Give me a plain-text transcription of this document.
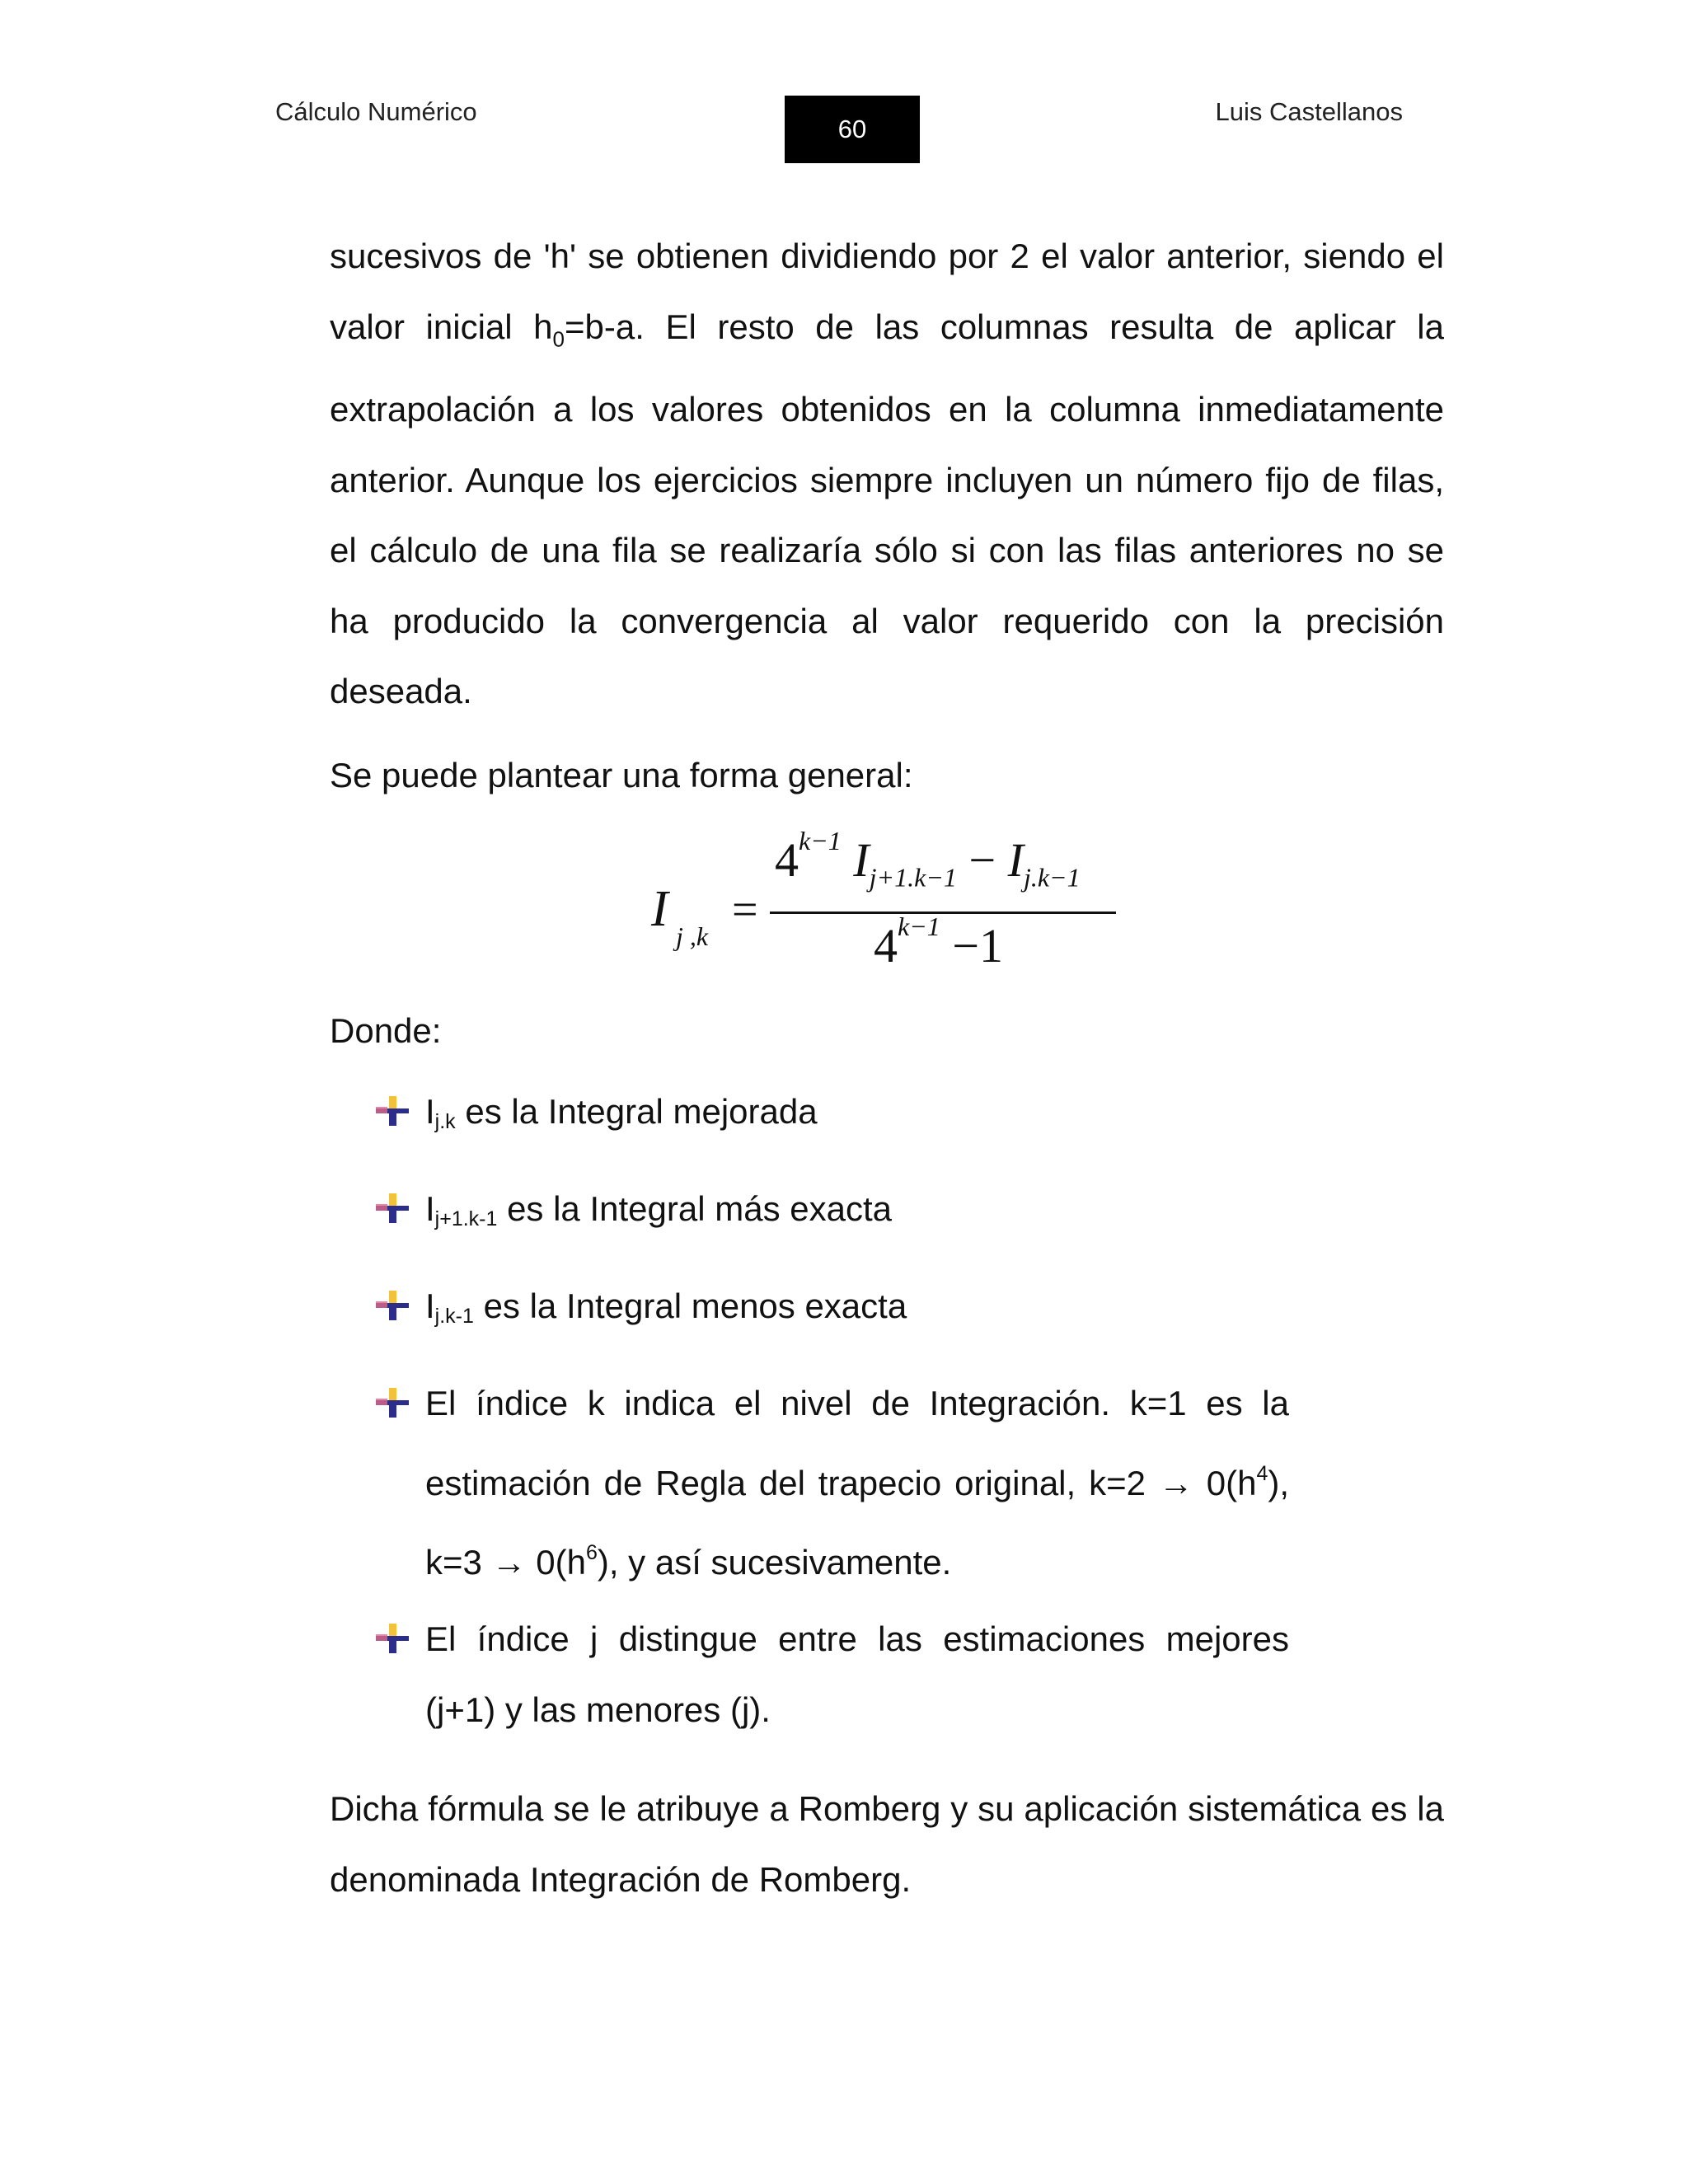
Cálculo Numérico
60
Luis Castellanos
sucesivos de 'h' se obtienen dividiendo por 2 el valor anterior, siendo el valor inicial $h_0=b-a$. El resto de las columnas resulta de aplicar la extrapolación a los valores obtenidos en la columna inmediatamente anterior. Aunque los ejercicios siempre incluyen un número fijo de filas, el cálculo de una fila se realizaría sólo si con las filas anteriores no se ha producido la convergencia al valor requerido con la precisión deseada.
Se puede plantear una forma general:
I j ,k
=
$4^{k-1}$ $I_{j+1.k-1} - I_{j.k-1}$
$4^{k-1} -1$
Donde:
Ij.k es la Integral mejorada
Ij+1.k-1 es la Integral más exacta
Ij.k-1 es la Integral menos exacta
El índice k indica el nivel de Integración. k=1 es la estimación de Regla del trapecio original, $k=2 \to 0(h^4)$, $k=3 \to 0(h^6)$, y así sucesivamente.
El índice j distingue entre las estimaciones mejores (j+1) y las menores (j).
Dicha fórmula se le atribuye a Romberg y su aplicación sistemática es la denominada Integración de Romberg.
